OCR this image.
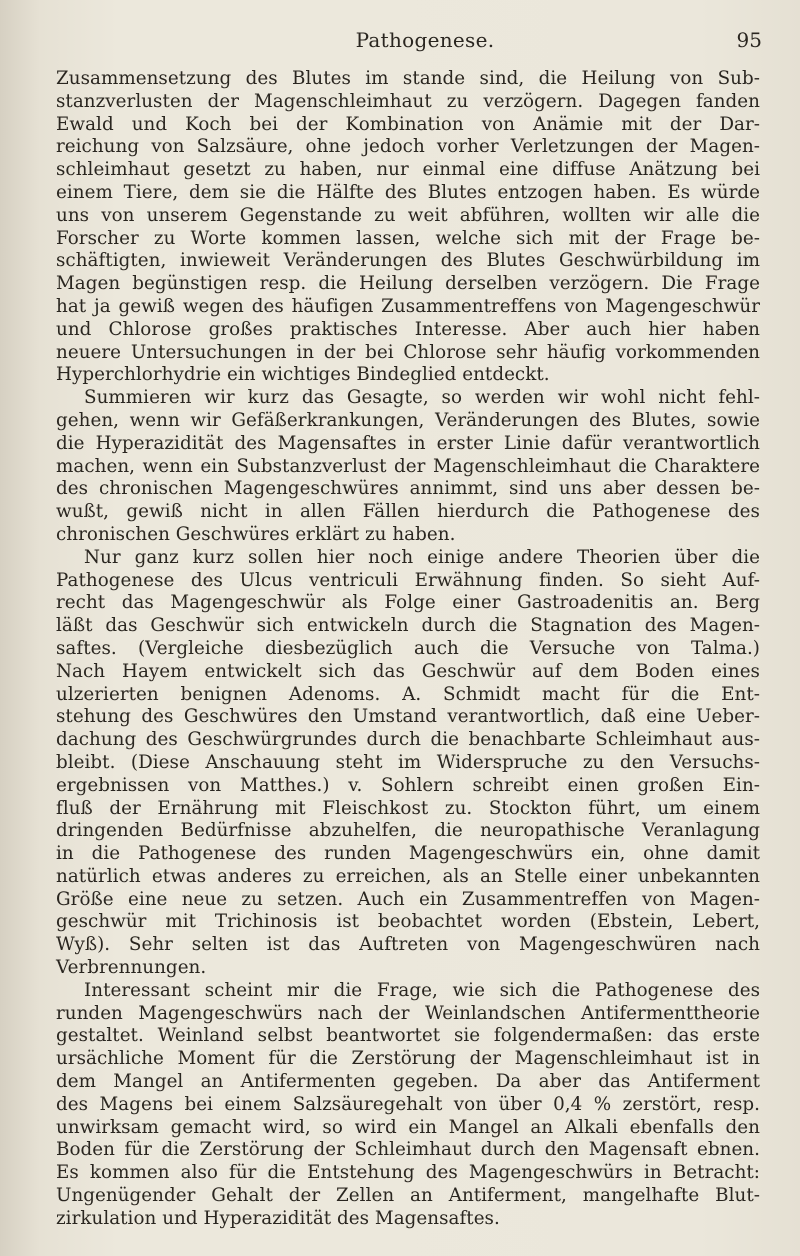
Pathogenese.	95
Zusammensetzung des Blutes im stande sind, die Heilung von Sub-
stanzverlusten der Magenschleimhaut zu verzögern. Dagegen fanden
Ewald und Koch bei der Kombination von Anämie mit der Dar-
reichung von Salzsäure, ohne jedoch vorher Verletzungen der Magen-
schleimhaut gesetzt zu haben, nur einmal eine diffuse Anätzung bei
einem Tiere, dem sie die Hälfte des Blutes entzogen haben. Es würde
uns von unserem Gegenstande zu weit abführen, wollten wir alle die
Forscher zu Worte kommen lassen, welche sich mit der Frage be-
schäftigten, inwieweit Veränderungen des Blutes Geschwürbildung im
Magen begünstigen resp. die Heilung derselben verzögern. Die Frage
hat ja gewiß wegen des häufigen Zusammentreffens von Magengeschwür
und Chlorose großes praktisches Interesse. Aber auch hier haben
neuere Untersuchungen in der bei Chlorose sehr häufig vorkommenden
Hyperchlorhydrie ein wichtiges Bindeglied entdeckt.
Summieren wir kurz das Gesagte, so werden wir wohl nicht fehl-
gehen, wenn wir Gefäßerkrankungen, Veränderungen des Blutes, sowie
die Hyperazidität des Magensaftes in erster Linie dafür verantwortlich
machen, wenn ein Substanzverlust der Magenschleimhaut die Charaktere
des chronischen Magengeschwüres annimmt, sind uns aber dessen be-
wußt, gewiß nicht in allen Fällen hierdurch die Pathogenese des
chronischen Geschwüres erklärt zu haben.
Nur ganz kurz sollen hier noch einige andere Theorien über die
Pathogenese des Ulcus ventriculi Erwähnung finden. So sieht Auf-
recht das Magengeschwür als Folge einer Gastroadenitis an. Berg
läßt das Geschwür sich entwickeln durch die Stagnation des Magen-
saftes. (Vergleiche diesbezüglich auch die Versuche von Talma.)
Nach Hayem entwickelt sich das Geschwür auf dem Boden eines
ulzerierten benignen Adenoms. A. Schmidt macht für die Ent-
stehung des Geschwüres den Umstand verantwortlich, daß eine Ueber-
dachung des Geschwürgrundes durch die benachbarte Schleimhaut aus-
bleibt. (Diese Anschauung steht im Widerspruche zu den Versuchs-
ergebnissen von Matthes.) v. Sohlern schreibt einen großen Ein-
fluß der Ernährung mit Fleischkost zu. Stockton führt, um einem
dringenden Bedürfnisse abzuhelfen, die neuropathische Veranlagung
in die Pathogenese des runden Magengeschwürs ein, ohne damit
natürlich etwas anderes zu erreichen, als an Stelle einer unbekannten
Größe eine neue zu setzen. Auch ein Zusammentreffen von Magen-
geschwür mit Trichinosis ist beobachtet worden (Ebstein, Lebert,
Wyß). Sehr selten ist das Auftreten von Magengeschwüren nach
Verbrennungen.
Interessant scheint mir die Frage, wie sich die Pathogenese des
runden Magengeschwürs nach der Weinlandschen Antifermenttheorie
gestaltet. Weinland selbst beantwortet sie folgendermaßen: das erste
ursächliche Moment für die Zerstörung der Magenschleimhaut ist in
dem Mangel an Antifermenten gegeben. Da aber das Antiferment
des Magens bei einem Salzsäuregehalt von über 0,4 % zerstört, resp.
unwirksam gemacht wird, so wird ein Mangel an Alkali ebenfalls den
Boden für die Zerstörung der Schleimhaut durch den Magensaft ebnen.
Es kommen also für die Entstehung des Magengeschwürs in Betracht:
Ungenügender Gehalt der Zellen an Antiferment, mangelhafte Blut-
zirkulation und Hyperazidität des Magensaftes.
